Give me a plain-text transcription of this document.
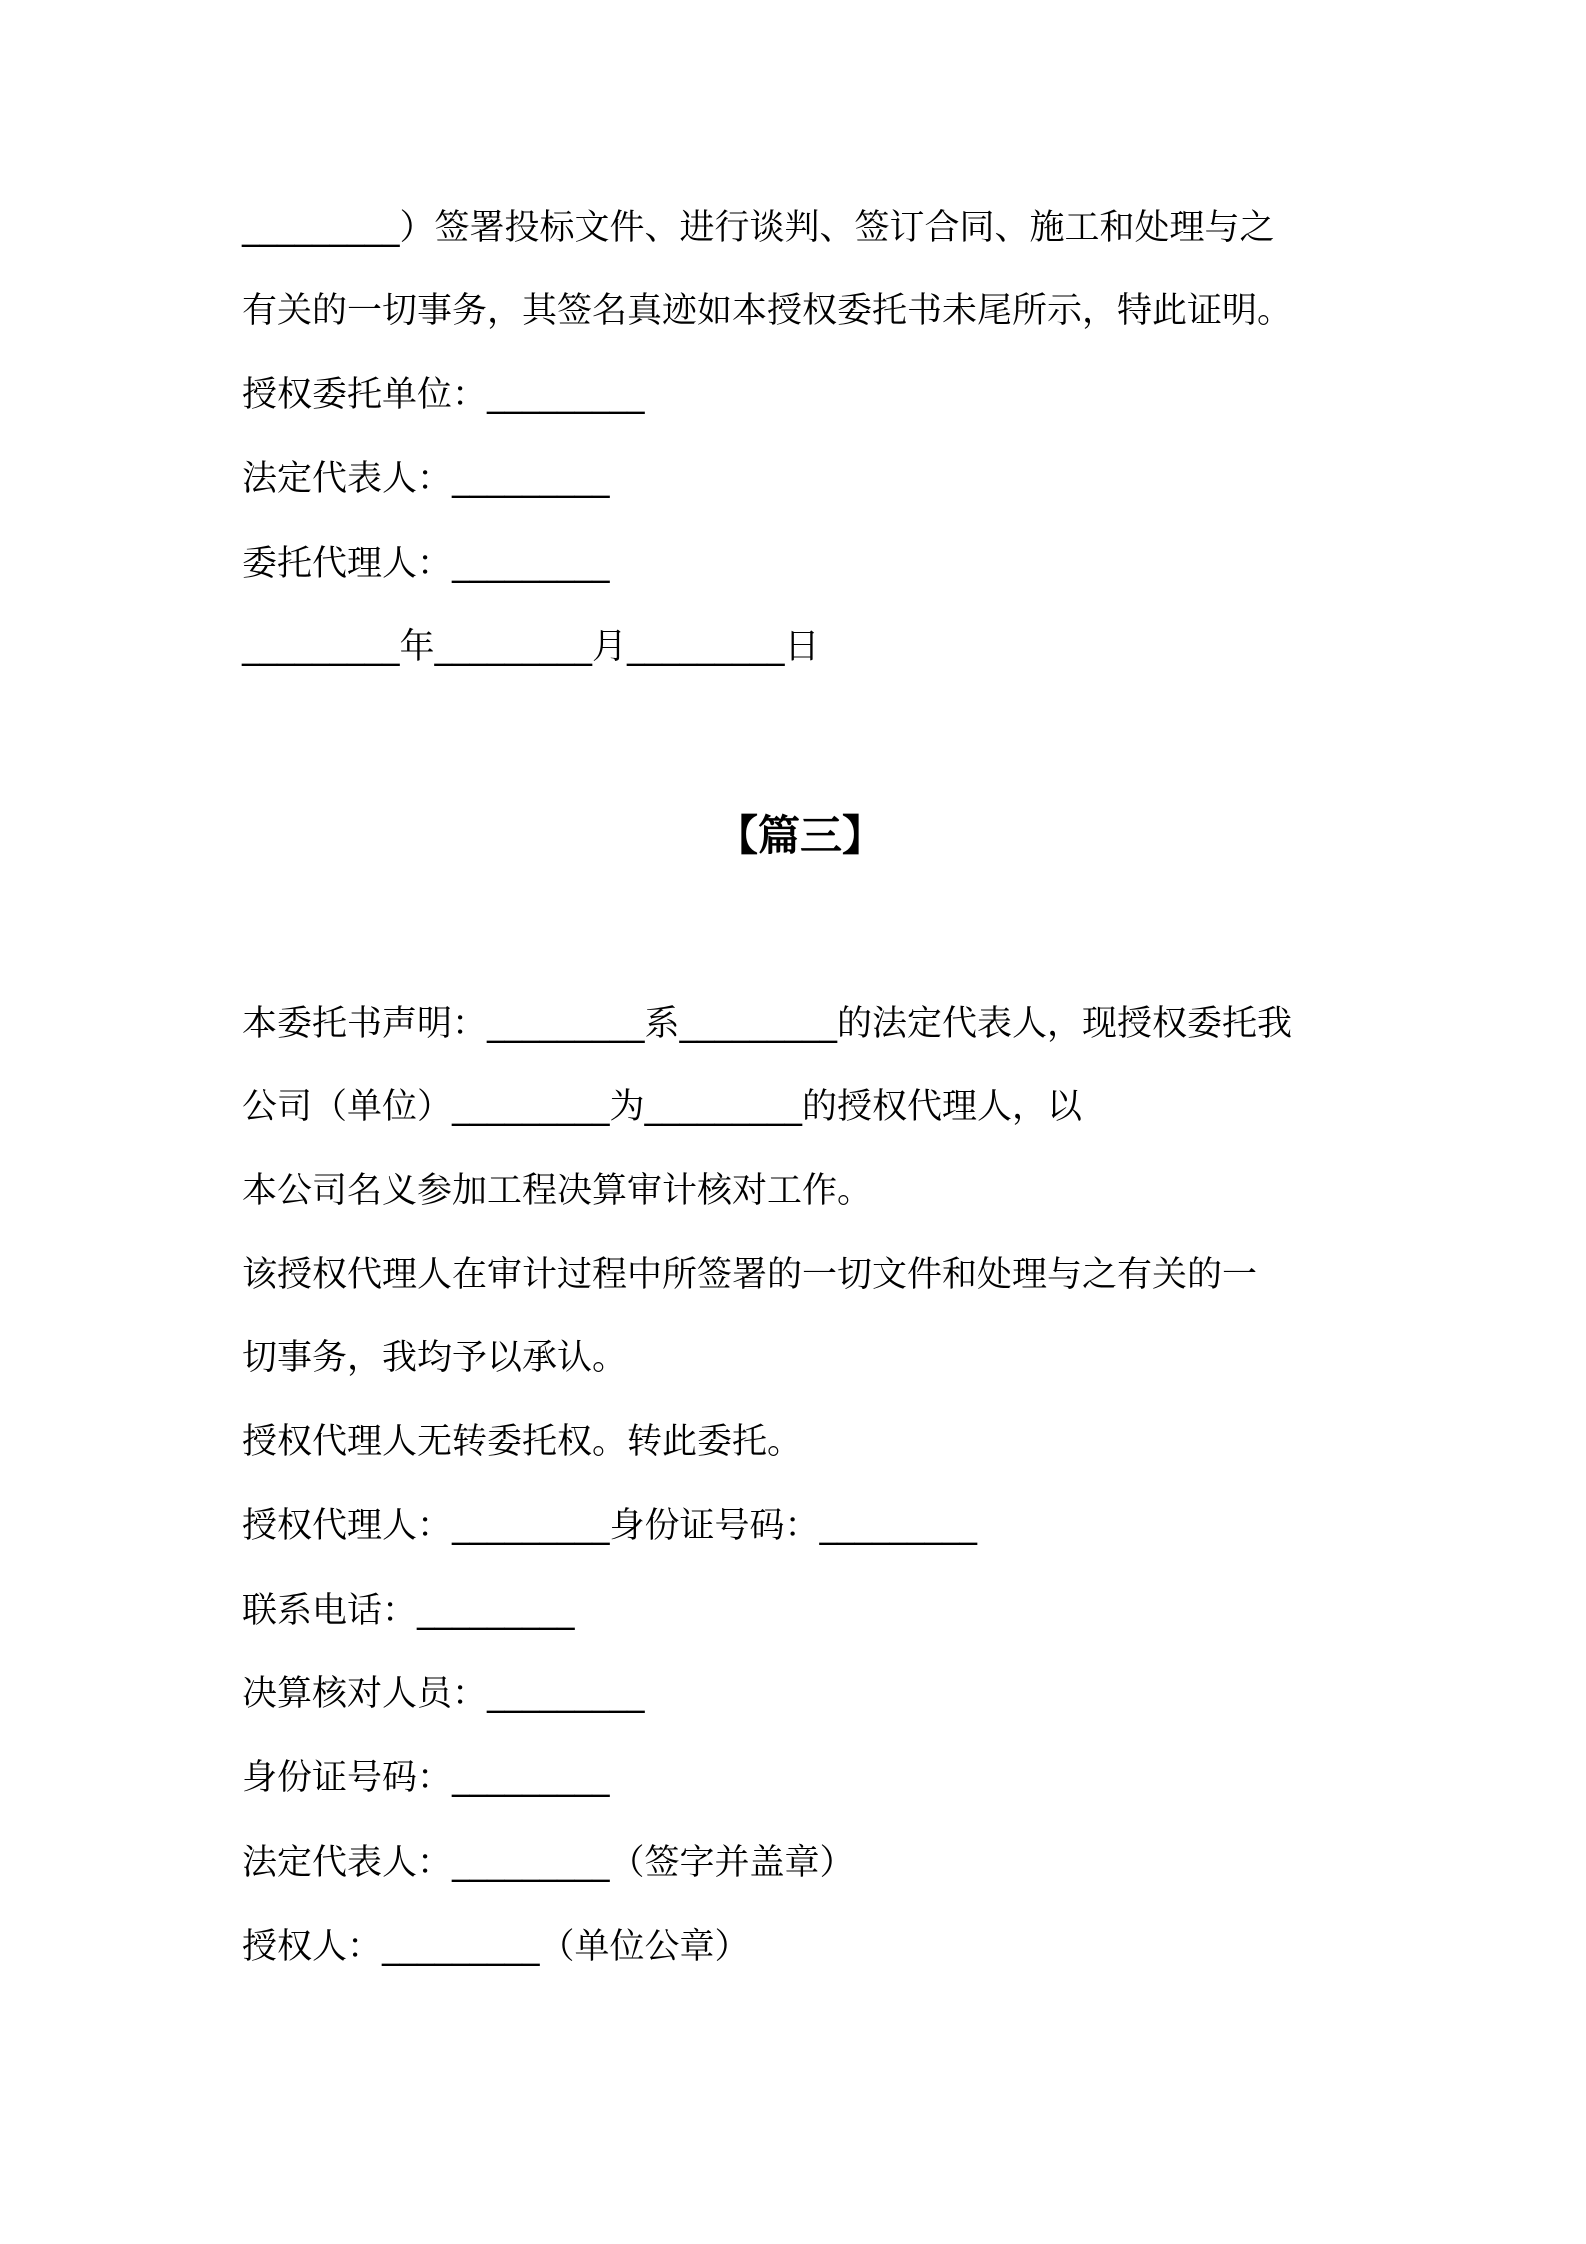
_________）签署投标文件、进行谈判、签订合同、施工和处理与之
有关的一切事务，其签名真迹如本授权委托书未尾所示，特此证明。
授权委托单位：_________
法定代表人：_________
委托代理人：_________
_________年_________月_________日
【篇三】
本委托书声明：_________系_________的法定代表人，现授权委托我
公司（单位）_________为_________的授权代理人，以
本公司名义参加工程决算审计核对工作。
该授权代理人在审计过程中所签署的一切文件和处理与之有关的一
切事务，我均予以承认。
授权代理人无转委托权。转此委托。
授权代理人：_________身份证号码：_________
联系电话：_________
决算核对人员：_________
身份证号码：_________
法定代表人：_________（签字并盖章）
授权人：_________（单位公章）
